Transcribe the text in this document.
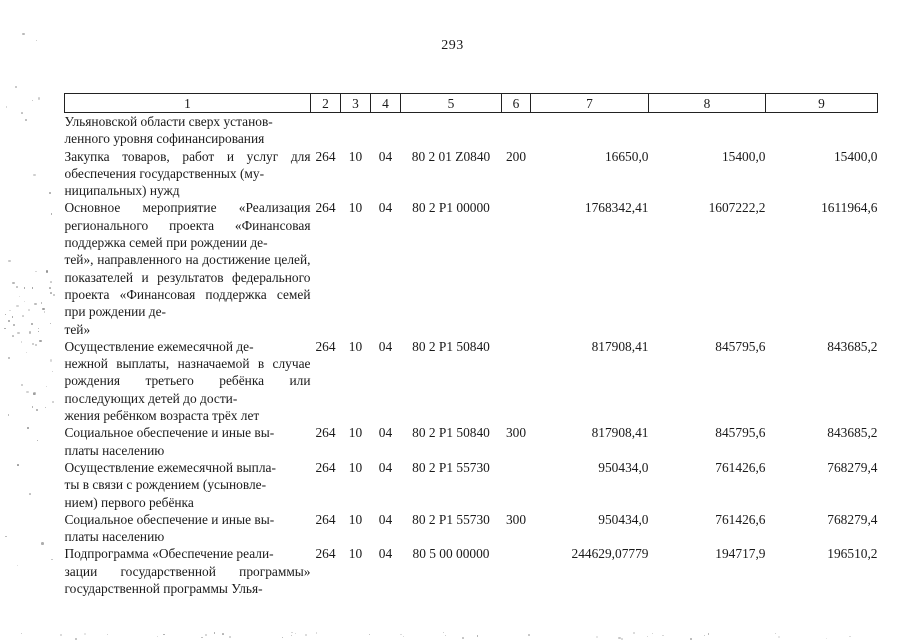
293
1	2	3	4	5	6	7	8	9
Ульяновской области сверх установ-
ленного уровня софинансирования								
Закупка товаров, работ и услуг для обеспечения государственных (му-
ниципальных) нужд	264	10	04	80 2 01 Z0840	200	16650,0	15400,0	15400,0
Основное мероприятие «Реализация регионального проекта «Финансовая поддержка семей при рождении де-
тей», направленного на достижение целей, показателей и результатов федерального проекта «Финансовая поддержка семей при рождении де-
тей»	264	10	04	80 2 P1 00000		1768342,41	1607222,2	1611964,6
Осуществление ежемесячной де-
нежной выплаты, назначаемой в случае рождения третьего ребёнка или последующих детей до дости-
жения ребёнком возраста трёх лет	264	10	04	80 2 P1 50840		817908,41	845795,6	843685,2
Социальное обеспечение и иные вы-
платы населению	264	10	04	80 2 P1 50840	300	817908,41	845795,6	843685,2
Осуществление ежемесячной выпла-
ты в связи с рождением (усыновле-
нием) первого ребёнка	264	10	04	80 2 P1 55730		950434,0	761426,6	768279,4
Социальное обеспечение и иные вы-
платы населению	264	10	04	80 2 P1 55730	300	950434,0	761426,6	768279,4
Подпрограмма «Обеспечение реали-
зации государственной программы» государственной программы Улья-	264	10	04	80 5 00 00000		244629,07779	194717,9	196510,2
